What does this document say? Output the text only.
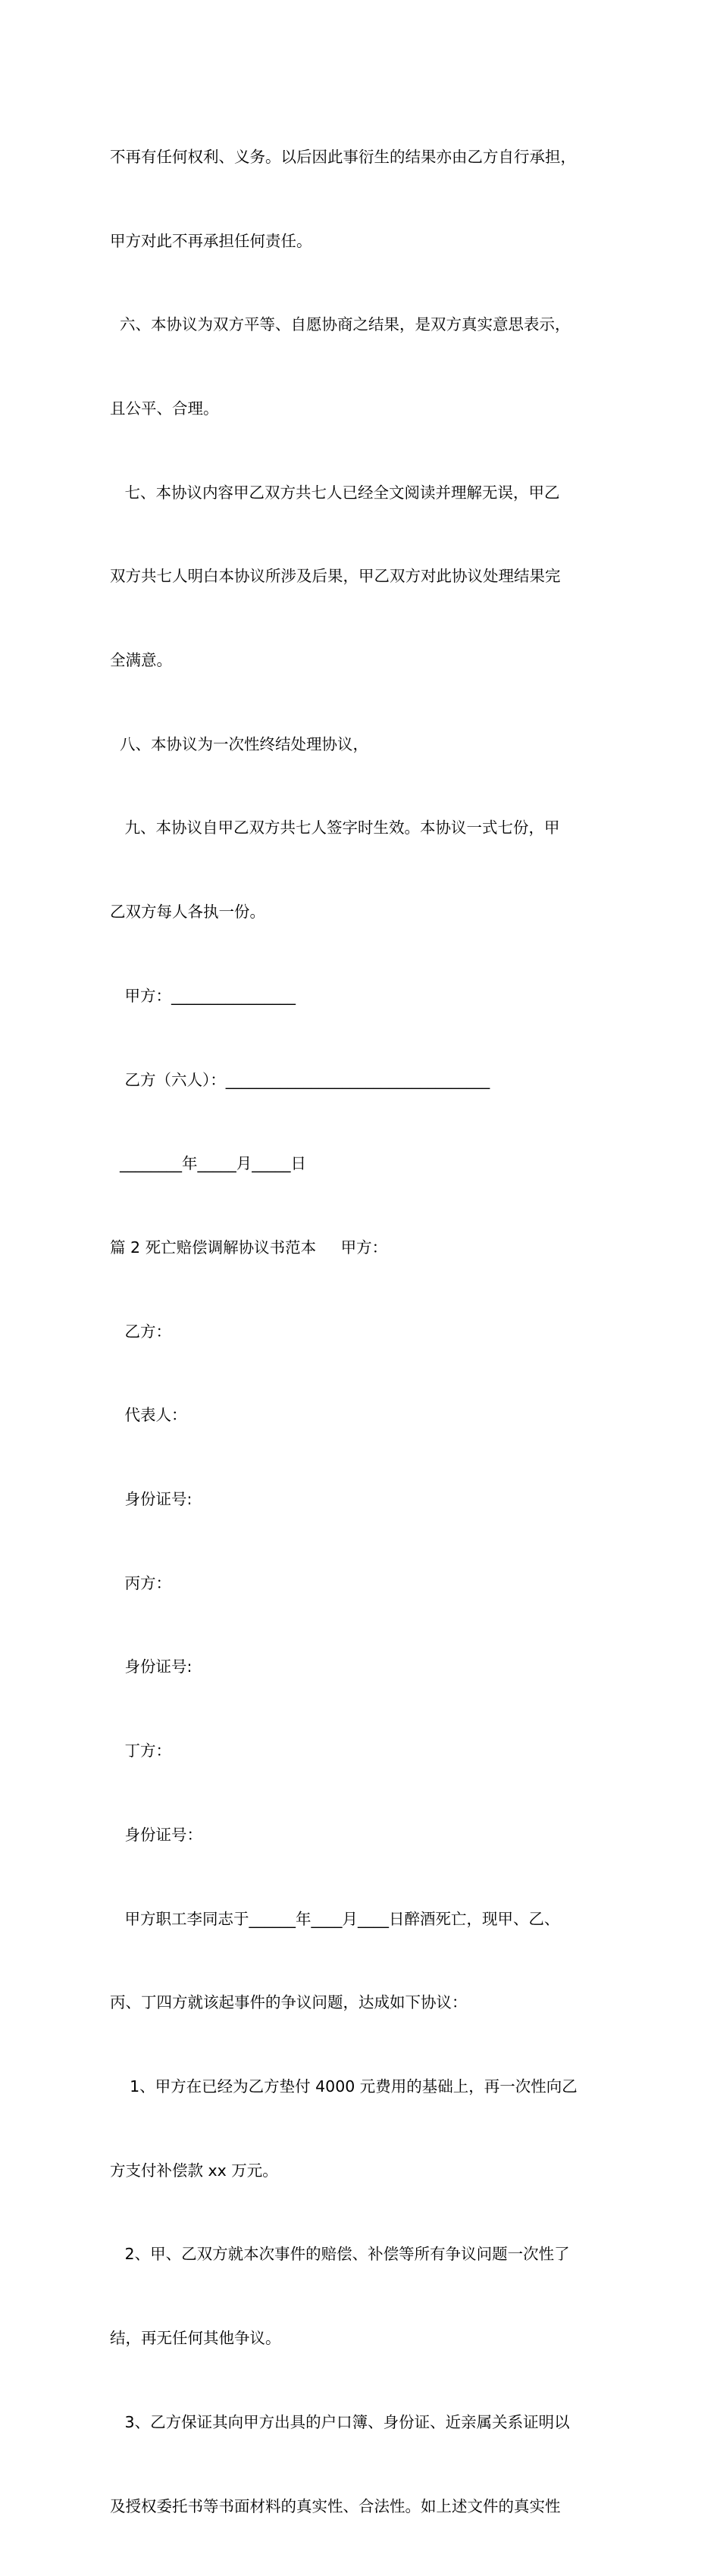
不再有任何权利、义务。以后因此事衍生的结果亦由乙方自行承担，

甲方对此不再承担任何责任。

六、本协议为双方平等、自愿协商之结果，是双方真实意思表示，

且公平、合理。

七、本协议内容甲乙双方共七人已经全文阅读并理解无误，甲乙

双方共七人明白本协议所涉及后果，甲乙双方对此协议处理结果完

全满意。

八、本协议为一次性终结处理协议，

九、本协议自甲乙双方共七人签字时生效。本协议一式七份，甲

乙双方每人各执一份。

甲方：________________

乙方（六人）：__________________________________

________年_____月_____日

篇 2 死亡赔偿调解协议书范本     甲方：

乙方：

代表人：

身份证号:

丙方：

身份证号:

丁方：

身份证号：

甲方职工李同志于______年____月____日醉酒死亡，现甲、乙、

丙、丁四方就该起事件的争议问题，达成如下协议：

1、甲方在已经为乙方垫付 4000 元费用的基础上，再一次性向乙

方支付补偿款 xx 万元。

2、甲、乙双方就本次事件的赔偿、补偿等所有争议问题一次性了

结，再无任何其他争议。

3、乙方保证其向甲方出具的户口簿、身份证、近亲属关系证明以

及授权委托书等书面材料的真实性、合法性。如上述文件的真实性
